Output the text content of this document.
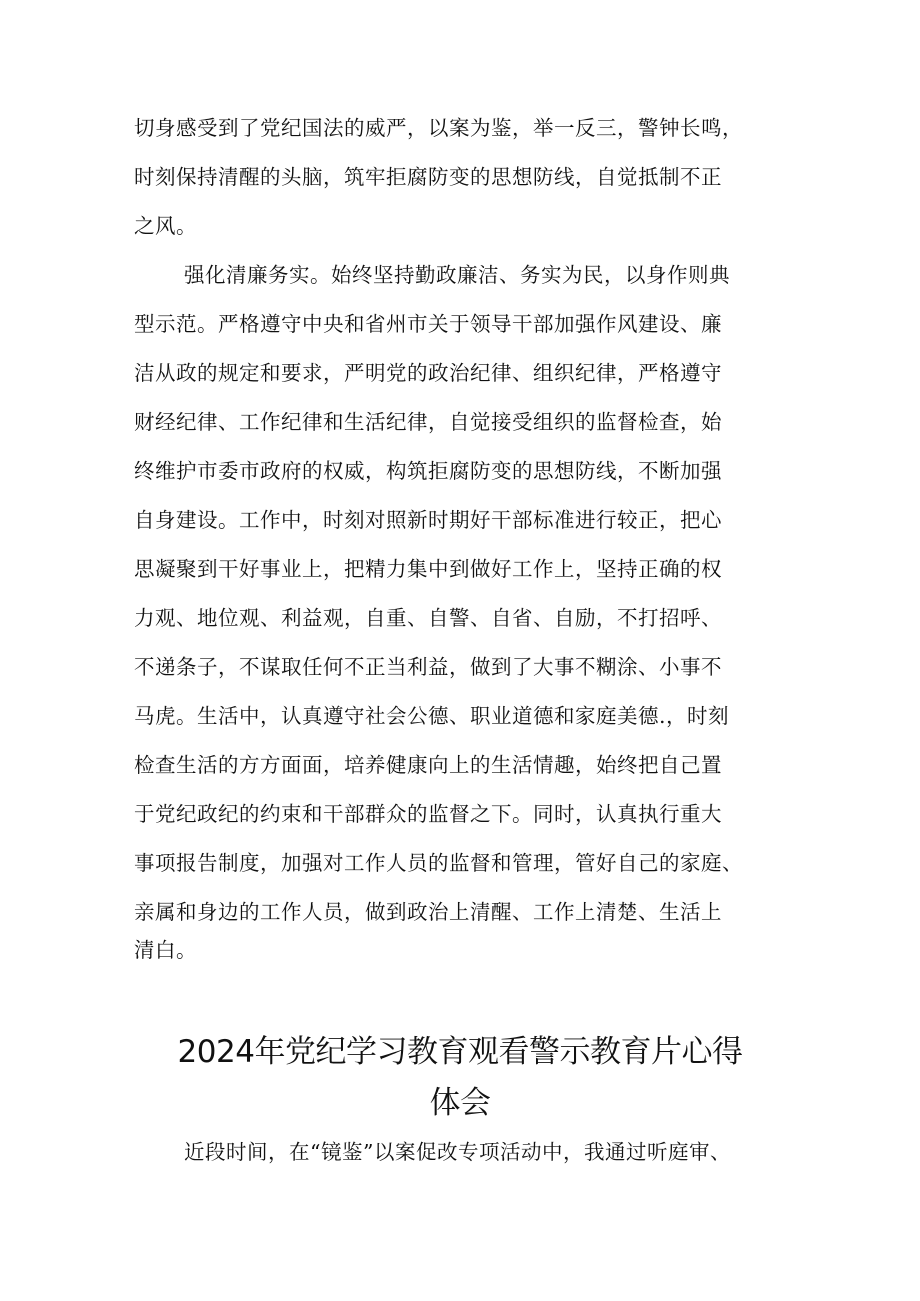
切身感受到了党纪国法的威严，以案为鉴，举一反三，警钟长鸣，
时刻保持清醒的头脑，筑牢拒腐防变的思想防线，自觉抵制不正
之风。
强化清廉务实。始终坚持勤政廉洁、务实为民，以身作则典
型示范。严格遵守中央和省州市关于领导干部加强作风建设、廉
洁从政的规定和要求，严明党的政治纪律、组织纪律，严格遵守
财经纪律、工作纪律和生活纪律，自觉接受组织的监督检查，始
终维护市委市政府的权威，构筑拒腐防变的思想防线，不断加强
自身建设。工作中，时刻对照新时期好干部标准进行较正，把心
思凝聚到干好事业上，把精力集中到做好工作上，坚持正确的权
力观、地位观、利益观，自重、自警、自省、自励，不打招呼、
不递条子，不谋取任何不正当利益，做到了大事不糊涂、小事不
马虎。生活中，认真遵守社会公德、职业道德和家庭美德.，时刻
检查生活的方方面面，培养健康向上的生活情趣，始终把自己置
于党纪政纪的约束和干部群众的监督之下。同时，认真执行重大
事项报告制度，加强对工作人员的监督和管理，管好自己的家庭、
亲属和身边的工作人员，做到政治上清醒、工作上清楚、生活上
清白。
2024年党纪学习教育观看警示教育片心得
体会
近段时间，在“镜鉴”以案促改专项活动中，我通过听庭审、
